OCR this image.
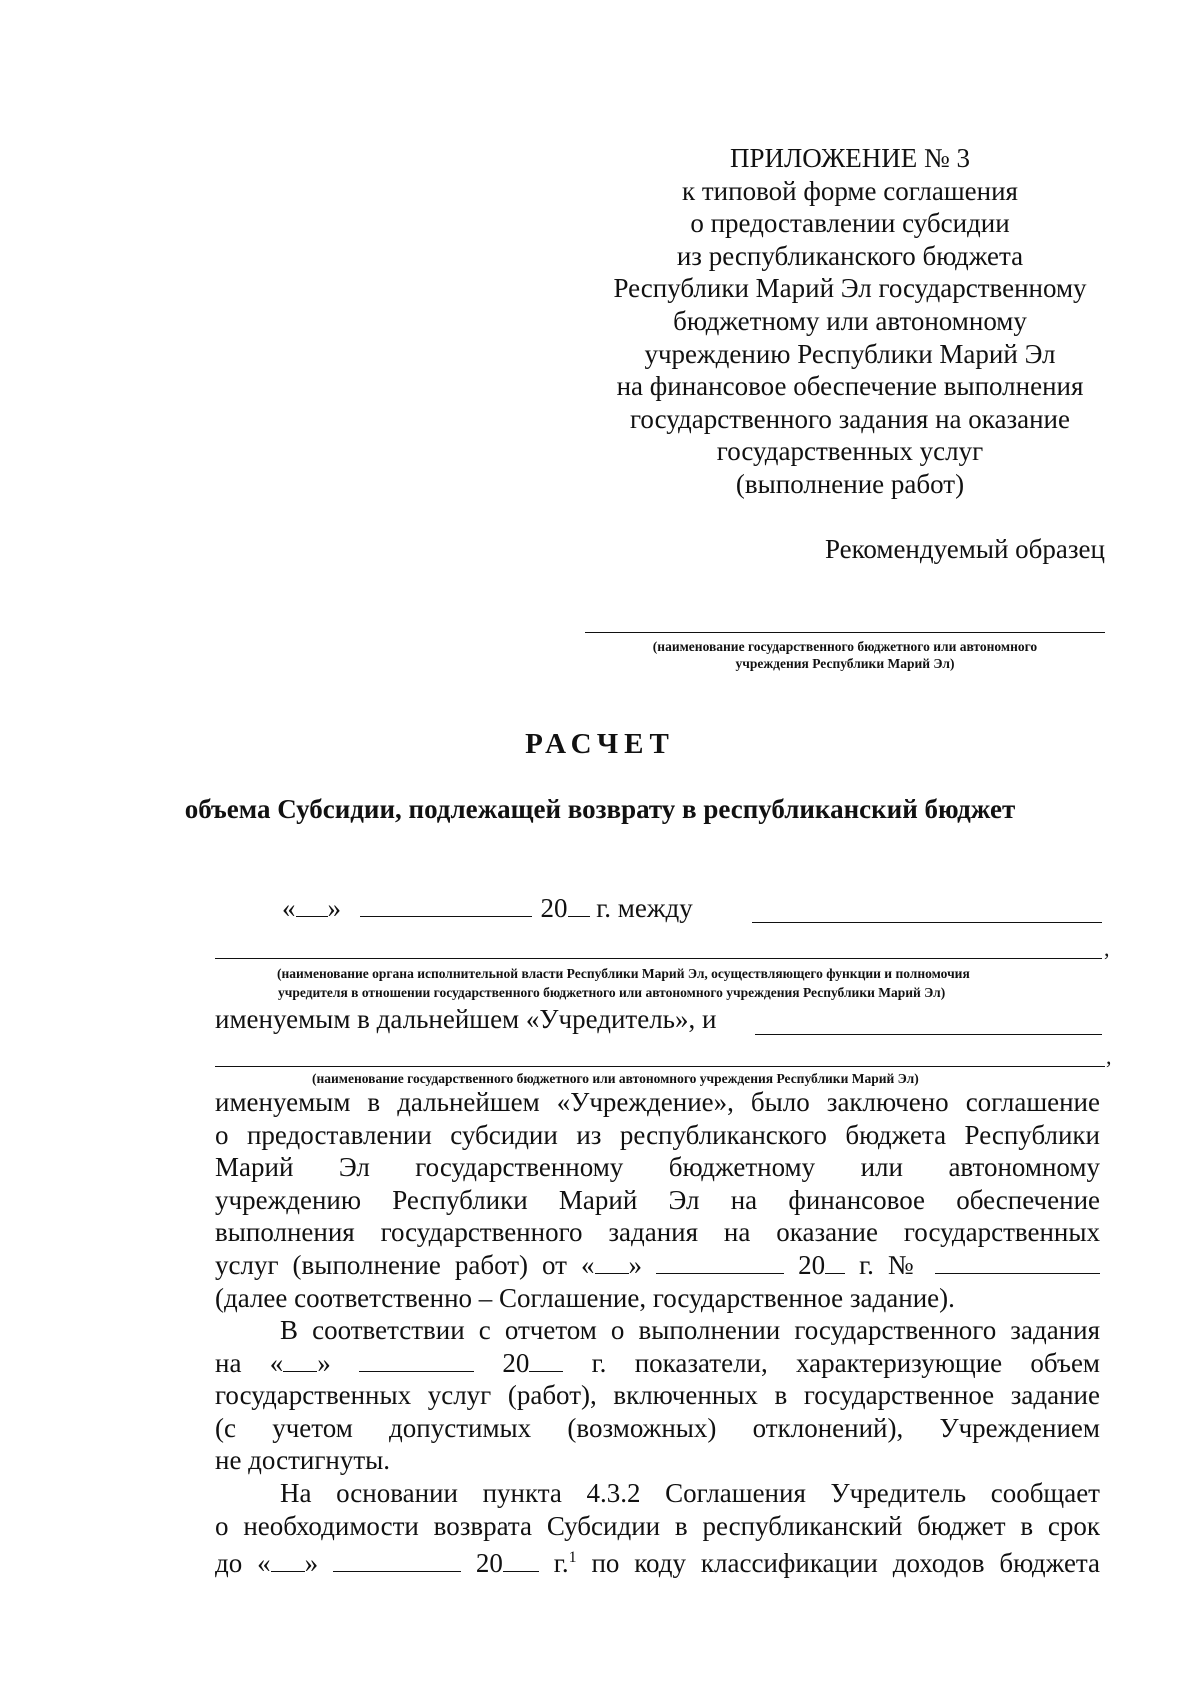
ПРИЛОЖЕНИЕ № 3
к типовой форме соглашения
о предоставлении субсидии
из республиканского бюджета
Республики Марий Эл государственному
бюджетному или автономному
учреждению Республики Марий Эл
на финансовое обеспечение выполнения
государственного задания на оказание
государственных услуг
(выполнение работ)
Рекомендуемый образец
(наименование государственного бюджетного или автономного
учреждения Республики Марий Эл)
РАСЧЕТ
объема Субсидии, подлежащей возврату в республиканский бюджет
« »	20 г. между
,
(наименование органа исполнительной власти Республики Марий Эл, осуществляющего функции и полномочия
учредителя в отношении государственного бюджетного или автономного учреждения Республики Марий Эл)
именуемым в дальнейшем «Учредитель», и
,
(наименование государственного бюджетного или автономного учреждения Республики Марий Эл)
именуемым в дальнейшем «Учреждение», было заключено соглашение
о предоставлении субсидии из республиканского бюджета Республики
Марий Эл государственному бюджетному или автономному
учреждению Республики Марий Эл на финансовое обеспечение
выполнения государственного задания на оказание государственных
услуг (выполнение работ) от « »	20 г. №
(далее соответственно – Соглашение, государственное задание).
В соответствии с отчетом о выполнении государственного задания
на « »	20 г. показатели, характеризующие объем
государственных услуг (работ), включенных в государственное задание
(с учетом допустимых (возможных) отклонений), Учреждением
не достигнуты.
На основании пункта 4.3.2 Соглашения Учредитель сообщает
о необходимости возврата Субсидии в республиканский бюджет в срок
до « »	20 г.$^1$ по коду классификации доходов бюджета
